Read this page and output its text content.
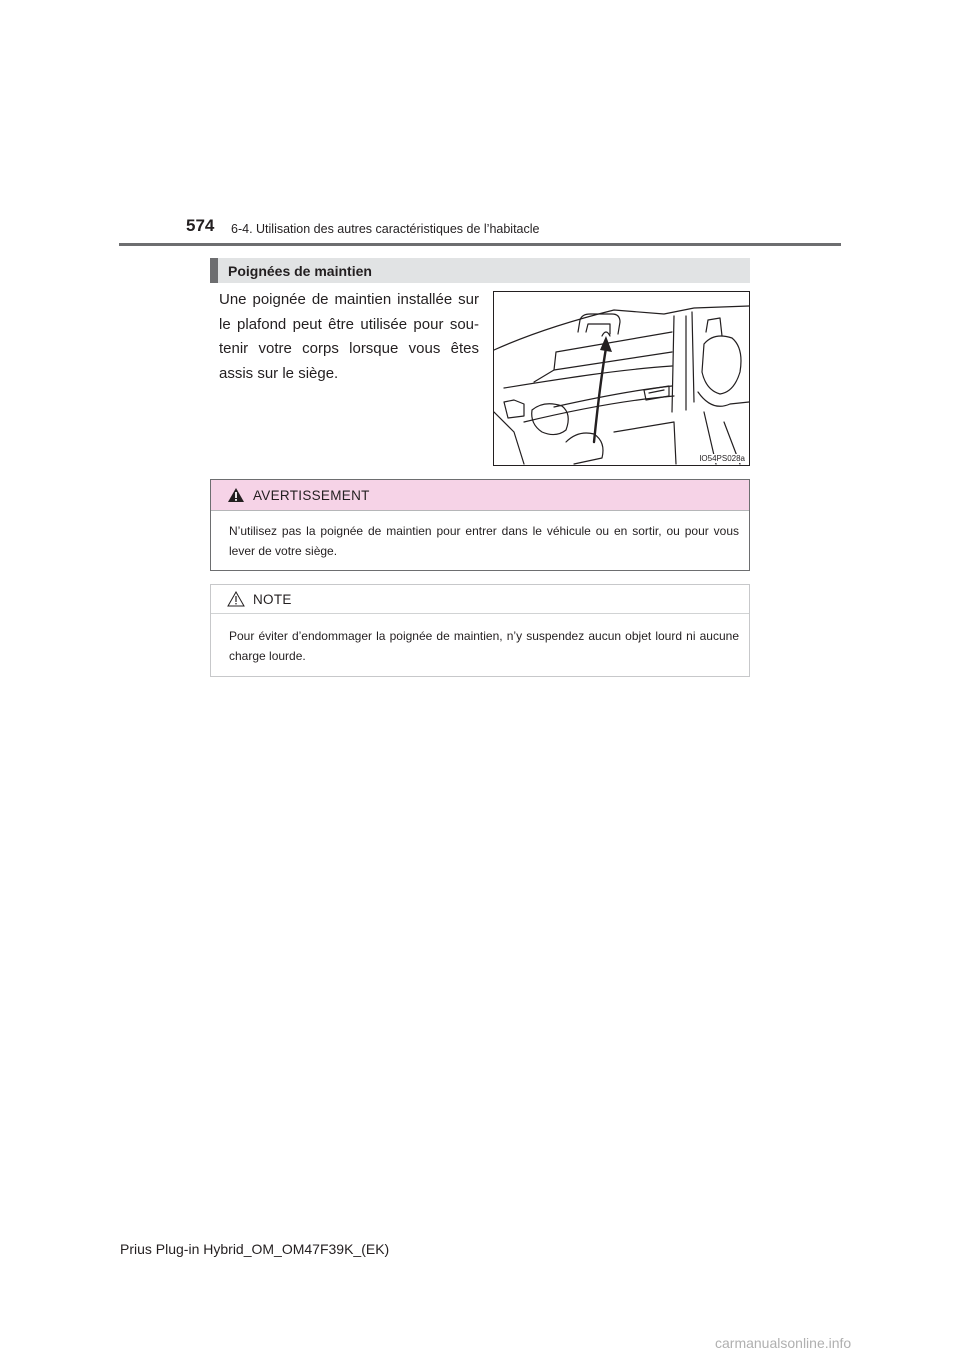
574 6-4. Utilisation des autres caractéristiques de l’habitacle
Poignées de maintien
Une poignée de maintien installée sur le plafond peut être utilisée pour sou-tenir votre corps lorsque vous êtes assis sur le siège.
IO54PS028a
AVERTISSEMENT
N’utilisez pas la poignée de maintien pour entrer dans le véhicule ou en sortir, ou pour vous lever de votre siège.
NOTE
Pour éviter d’endommager la poignée de maintien, n’y suspendez aucun objet lourd ni aucune charge lourde.
Prius Plug-in Hybrid_OM_OM47F39K_(EK)
carmanualsonline.info
